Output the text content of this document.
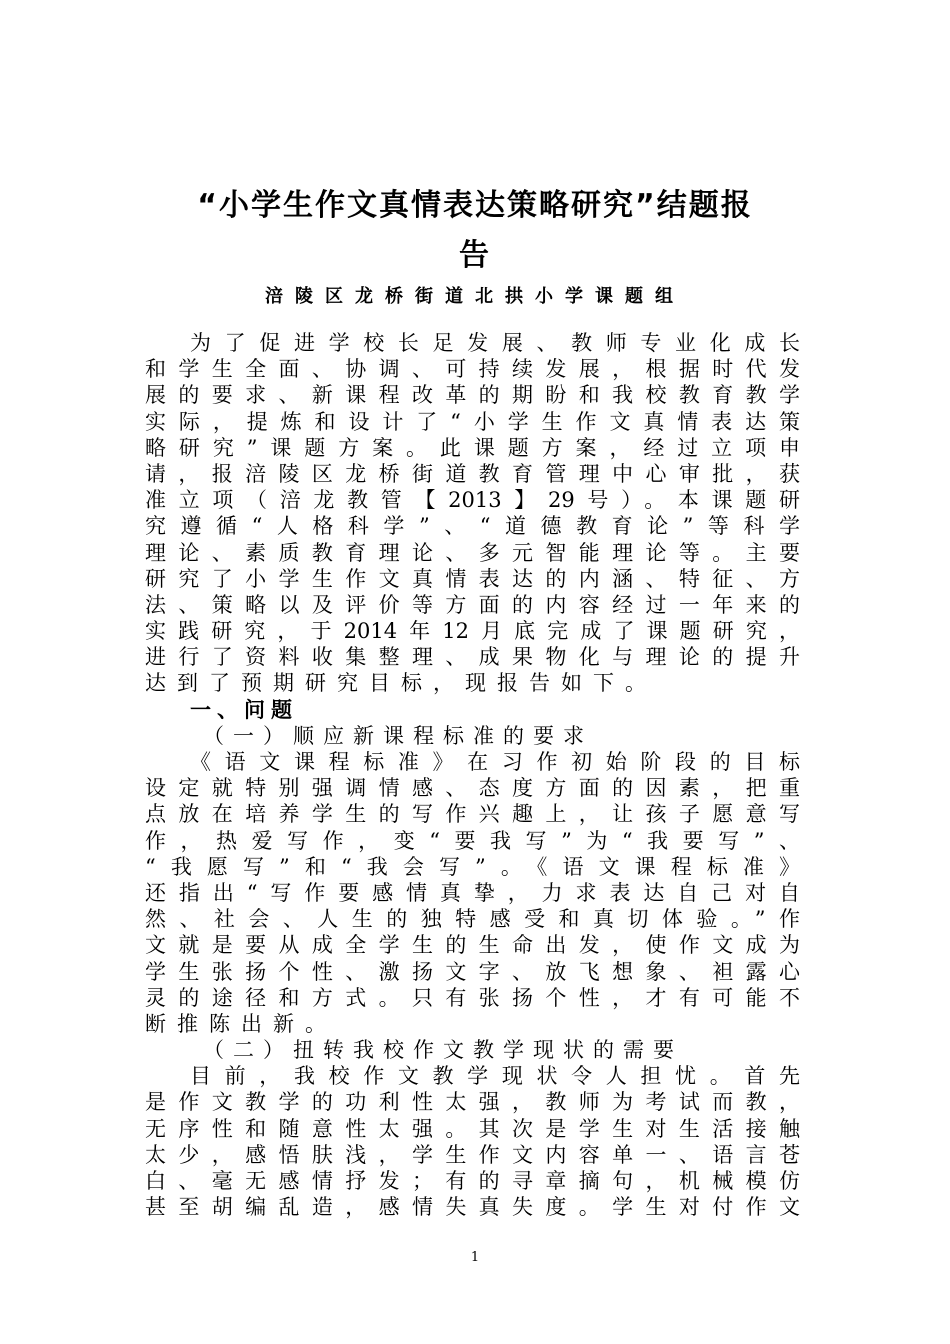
“小学生作文真情表达策略研究”结题报
告
涪陵区龙桥街道北拱小学课题组
为了促进学校长足发展、教师专业化成长
和学生全面、协调、可持续发展，根据时代发
展的要求、新课程改革的期盼和我校教育教学
实际，提炼和设计了“小学生作文真情表达策
略研究”课题方案。此课题方案，经过立项申
请，报涪陵区龙桥街道教育管理中心审批，获
准立项（涪龙教管【2013】29号）。本课题研
究遵循“人格科学”、“道德教育论”等科学
理论、素质教育理论、多元智能理论等。主要
研究了小学生作文真情表达的内涵、特征、方
法、策略以及评价等方面的内容经过一年来的
实践研究，于2014年12月底完成了课题研究，
进行了资料收集整理、成果物化与理论的提升
达到了预期研究目标，现报告如下。
一、问题
（一）顺应新课程标准的要求
《语文课程标准》在习作初始阶段的目标
设定就特别强调情感、态度方面的因素，把重
点放在培养学生的写作兴趣上，让孩子愿意写
作，热爱写作，变“要我写”为“我要写”、
“我愿写”和“我会写”。《语文课程标准》
还指出“写作要感情真挚，力求表达自己对自
然、社会、人生的独特感受和真切体验。”作
文就是要从成全学生的生命出发，使作文成为
学生张扬个性、激扬文字、放飞想象、袒露心
灵的途径和方式。只有张扬个性，才有可能不
断推陈出新。
（二）扭转我校作文教学现状的需要
目前，我校作文教学现状令人担忧。首先
是作文教学的功利性太强，教师为考试而教，
无序性和随意性太强。其次是学生对生活接触
太少，感悟肤浅，学生作文内容单一、语言苍
白、毫无感情抒发；有的寻章摘句，机械模仿
甚至胡编乱造，感情失真失度。学生对付作文
1
